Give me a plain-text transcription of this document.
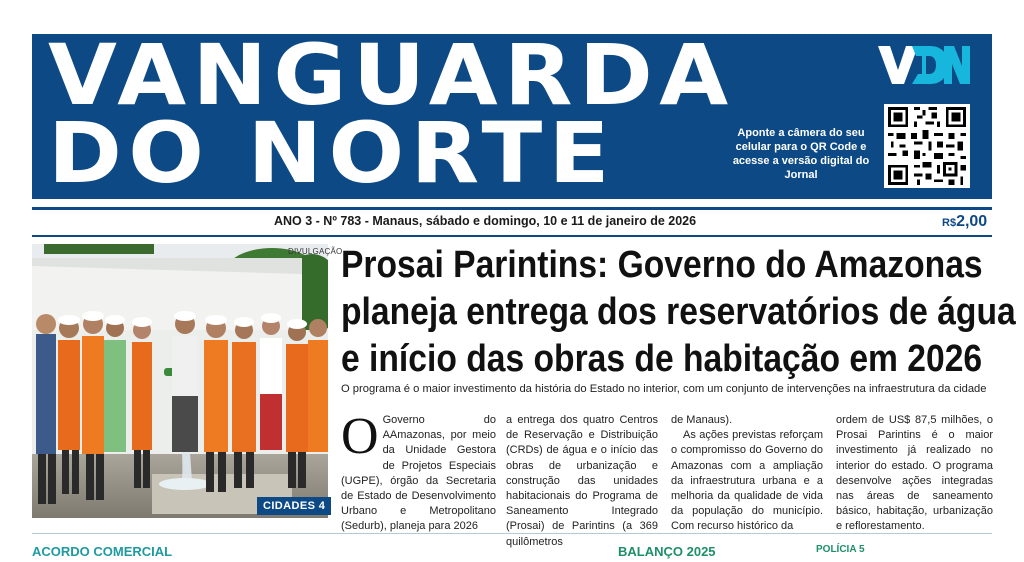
VANGUARDA
DO NORTE	Aponte a câmera do seu celular para o QR Code e acesse a versão digital do Jornal
ANO 3 - Nº 783 - Manaus, sábado e domingo, 10 e 11 de janeiro de 2026	R$2,00
DIVULGAÇÃO
CIDADES 4
Prosai Parintins: Governo do Amazonas
planeja entrega dos reservatórios de água
e início das obras de habitação em 2026
O programa é o maior investimento da história do Estado no interior, com um conjunto de intervenções na infraestrutura da cidade
O Governo do AAmazonas, por meio da Unidade Gestora de Projetos Especiais (UGPE), órgão da Secretaria de Estado de Desenvolvimento Urbano e Metropolitano (Sedurb), planeja para 2026
a entrega dos quatro Centros de Reservação e Distribuição (CRDs) de água e o início das obras de urbanização e construção das unidades habitacionais do Programa de Saneamento Integrado (Prosai) de Parintins (a 369 quilômetros
de Manaus).
As ações previstas reforçam o compromisso do Governo do Amazonas com a ampliação da infraestrutura urbana e a melhoria da qualidade de vida da população do município. Com recurso histórico da
ordem de US$ 87,5 milhões, o Prosai Parintins é o maior investimento já realizado no interior do estado. O programa desenvolve ações integradas nas áreas de saneamento básico, habitação, urbanização e reflorestamento.
ACORDO COMERCIAL	BALANÇO 2025	POLÍCIA 5
